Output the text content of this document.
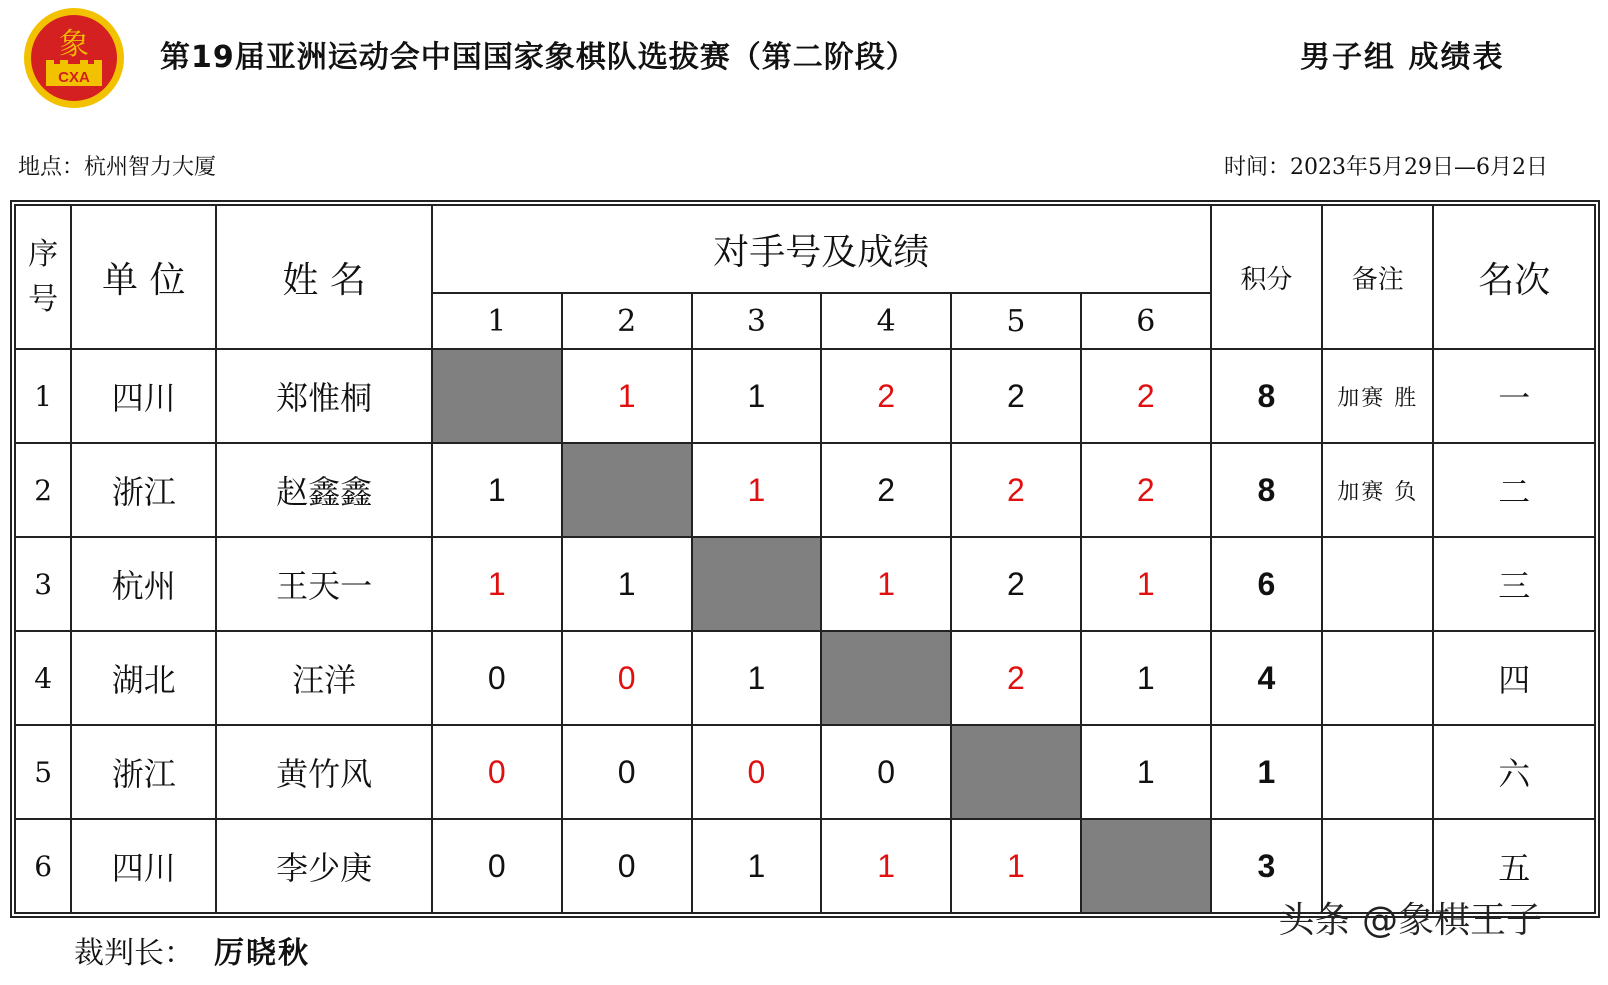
象
CXA
第19届亚洲运动会中国国家象棋队选拔赛（第二阶段）	男子组 成绩表
地点：杭州智力大厦	时间：2023年5月29日—6月2日
序
号	单 位	姓 名	对手号及成绩						积分	备注	名次
			1	2	3	4	5	6			
1	四川	郑惟桐		1	1	2	2	2	8	加赛 胜	一
2	浙江	赵鑫鑫	1		1	2	2	2	8	加赛 负	二
3	杭州	王天一	1	1		1	2	1	6		三
4	湖北	汪洋	0	0	1		2	1	4		四
5	浙江	黄竹风	0	0	0	0		1	1		六
6	四川	李少庚	0	0	1	1	1		3		五
裁判长： 厉晓秋
头条 @象棋王子
